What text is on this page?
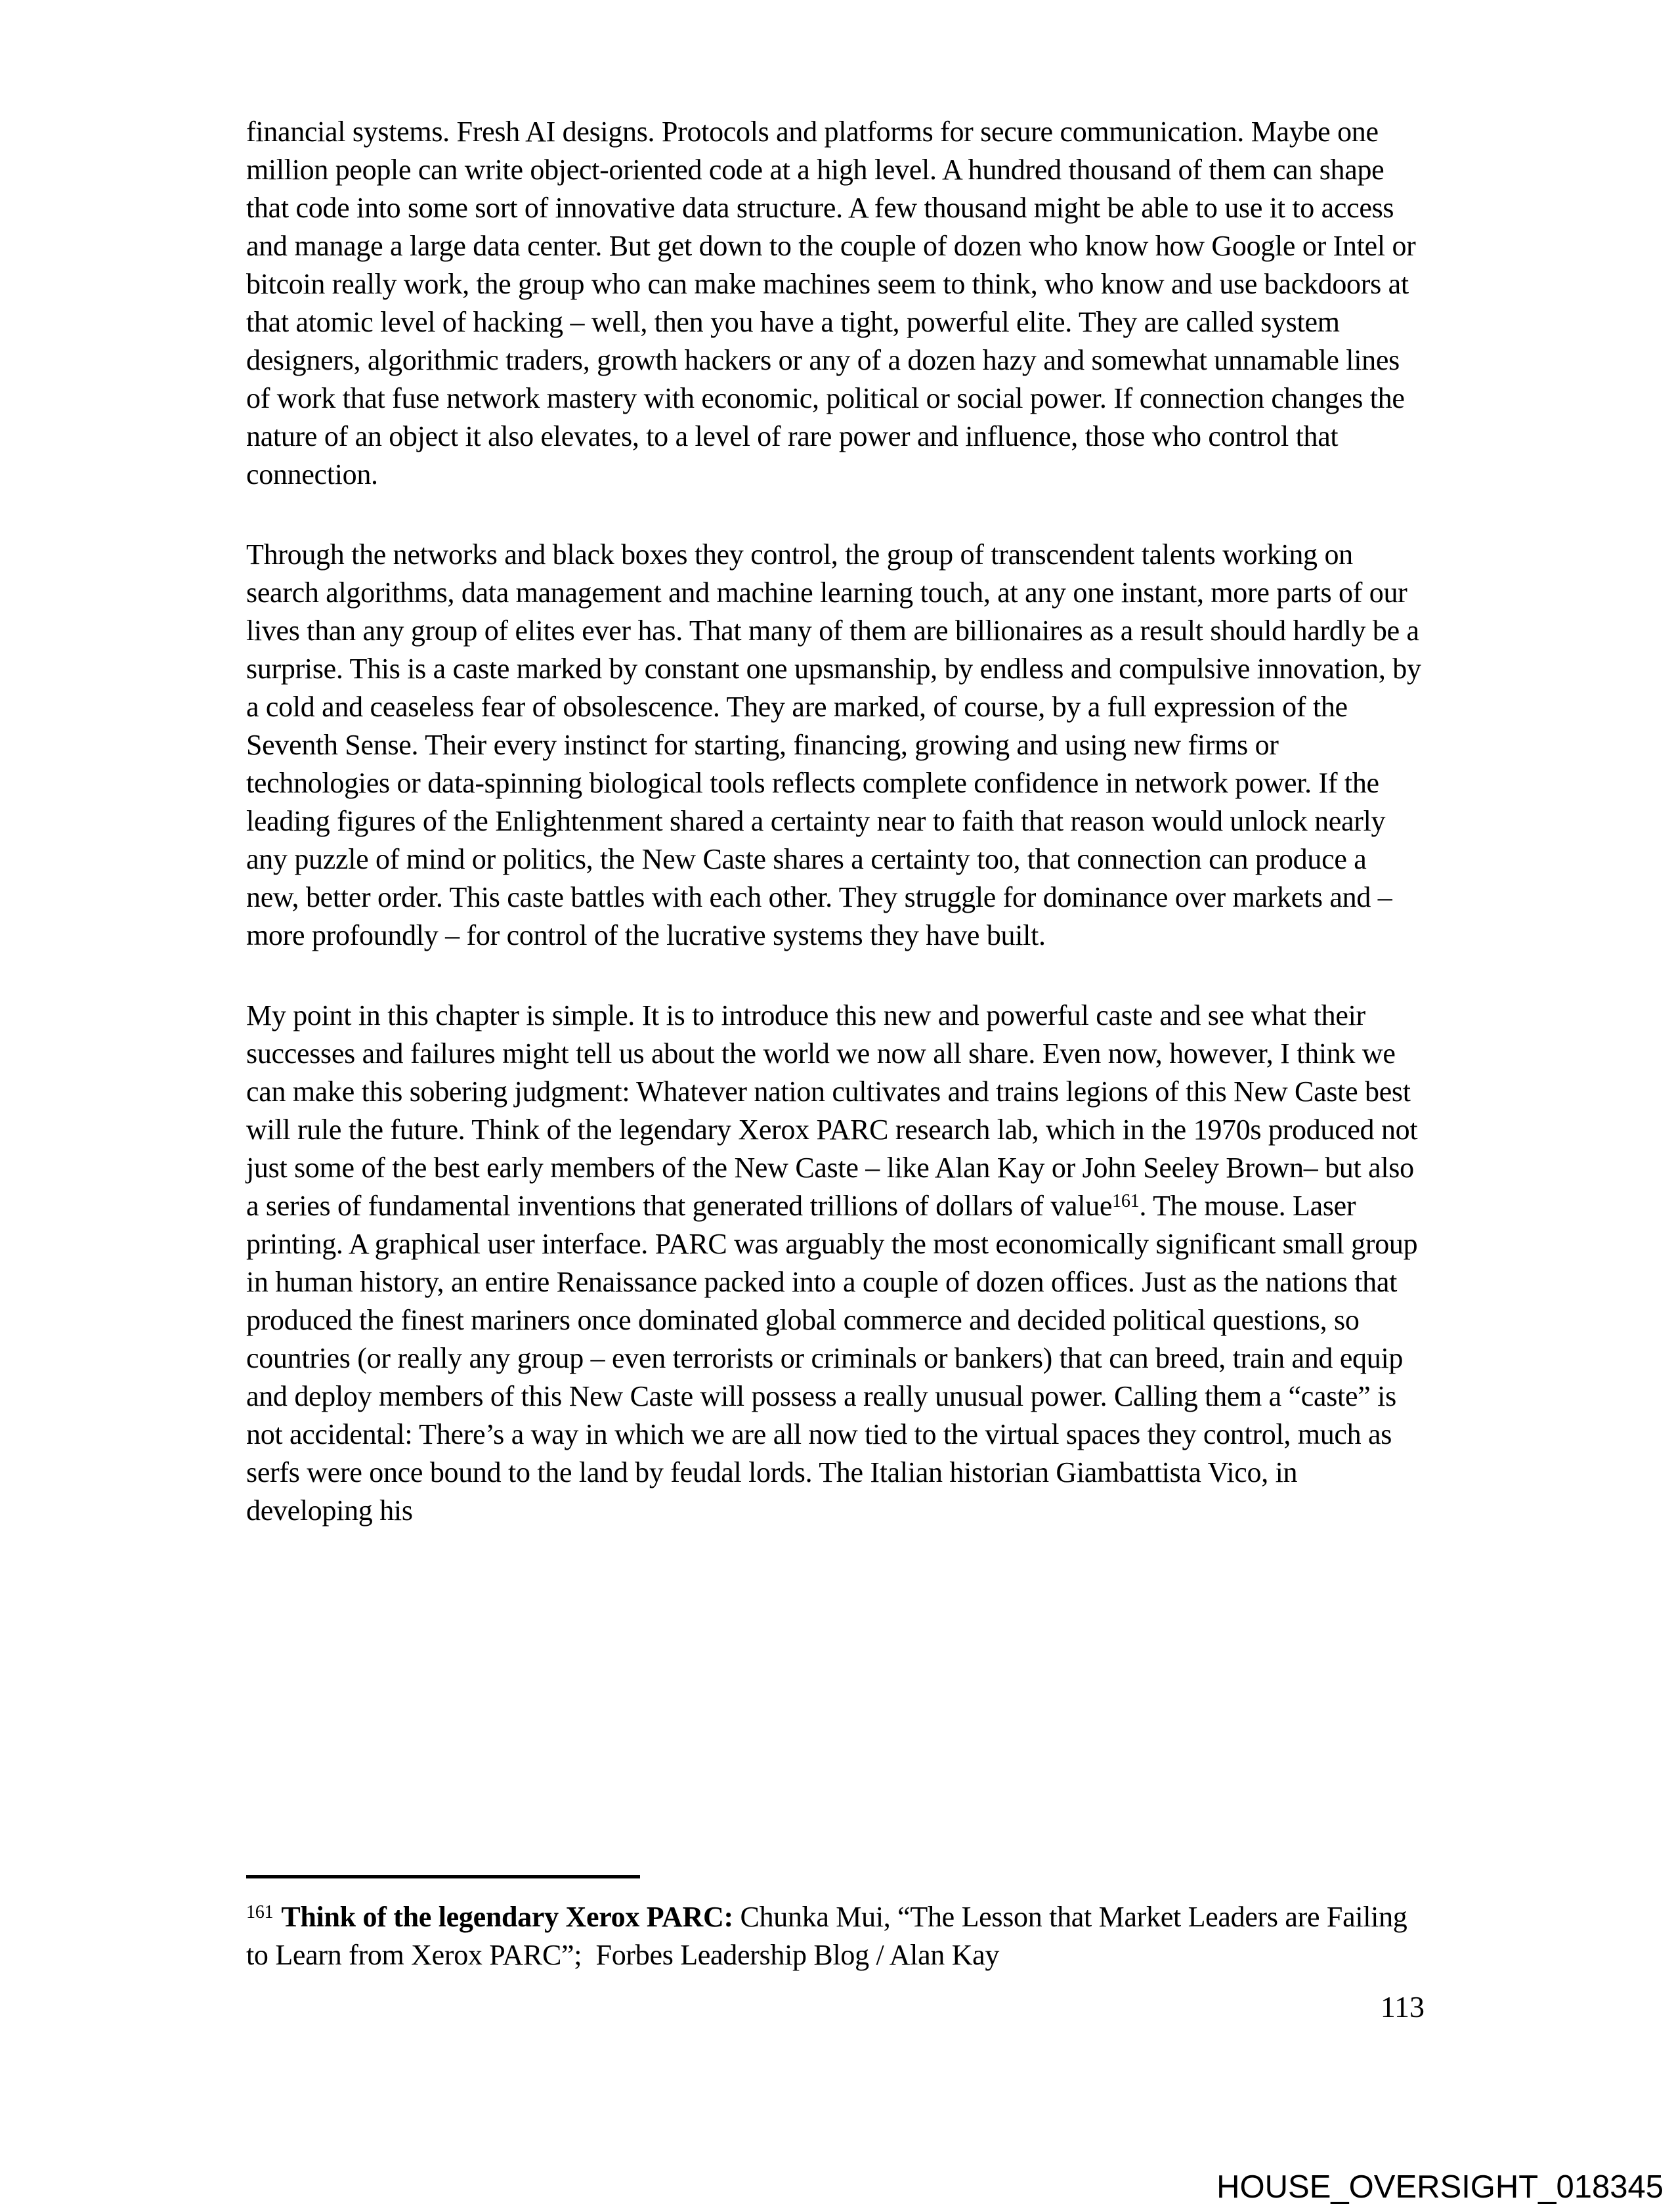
financial systems. Fresh AI designs. Protocols and platforms for secure communication. Maybe one million people can write object-oriented code at a high level. A hundred thousand of them can shape that code into some sort of innovative data structure. A few thousand might be able to use it to access and manage a large data center. But get down to the couple of dozen who know how Google or Intel or bitcoin really work, the group who can make machines seem to think, who know and use backdoors at that atomic level of hacking – well, then you have a tight, powerful elite. They are called system designers, algorithmic traders, growth hackers or any of a dozen hazy and somewhat unnamable lines of work that fuse network mastery with economic, political or social power. If connection changes the nature of an object it also elevates, to a level of rare power and influence, those who control that connection.

Through the networks and black boxes they control, the group of transcendent talents working on search algorithms, data management and machine learning touch, at any one instant, more parts of our lives than any group of elites ever has. That many of them are billionaires as a result should hardly be a surprise. This is a caste marked by constant one upsmanship, by endless and compulsive innovation, by a cold and ceaseless fear of obsolescence. They are marked, of course, by a full expression of the Seventh Sense. Their every instinct for starting, financing, growing and using new firms or technologies or data-spinning biological tools reflects complete confidence in network power. If the leading figures of the Enlightenment shared a certainty near to faith that reason would unlock nearly any puzzle of mind or politics, the New Caste shares a certainty too, that connection can produce a new, better order. This caste battles with each other. They struggle for dominance over markets and – more profoundly – for control of the lucrative systems they have built.

My point in this chapter is simple. It is to introduce this new and powerful caste and see what their successes and failures might tell us about the world we now all share. Even now, however, I think we can make this sobering judgment: Whatever nation cultivates and trains legions of this New Caste best will rule the future. Think of the legendary Xerox PARC research lab, which in the 1970s produced not just some of the best early members of the New Caste – like Alan Kay or John Seeley Brown– but also a series of fundamental inventions that generated trillions of dollars of value$^{161}$. The mouse. Laser printing. A graphical user interface. PARC was arguably the most economically significant small group in human history, an entire Renaissance packed into a couple of dozen offices. Just as the nations that produced the finest mariners once dominated global commerce and decided political questions, so countries (or really any group – even terrorists or criminals or bankers) that can breed, train and equip and deploy members of this New Caste will possess a really unusual power. Calling them a “caste” is not accidental: There’s a way in which we are all now tied to the virtual spaces they control, much as serfs were once bound to the land by feudal lords. The Italian historian Giambattista Vico, in developing his

$^{161}$ Think of the legendary Xerox PARC: Chunka Mui, “The Lesson that Market Leaders are Failing to Learn from Xerox PARC”;  Forbes Leadership Blog / Alan Kay

113
HOUSE_OVERSIGHT_018345
